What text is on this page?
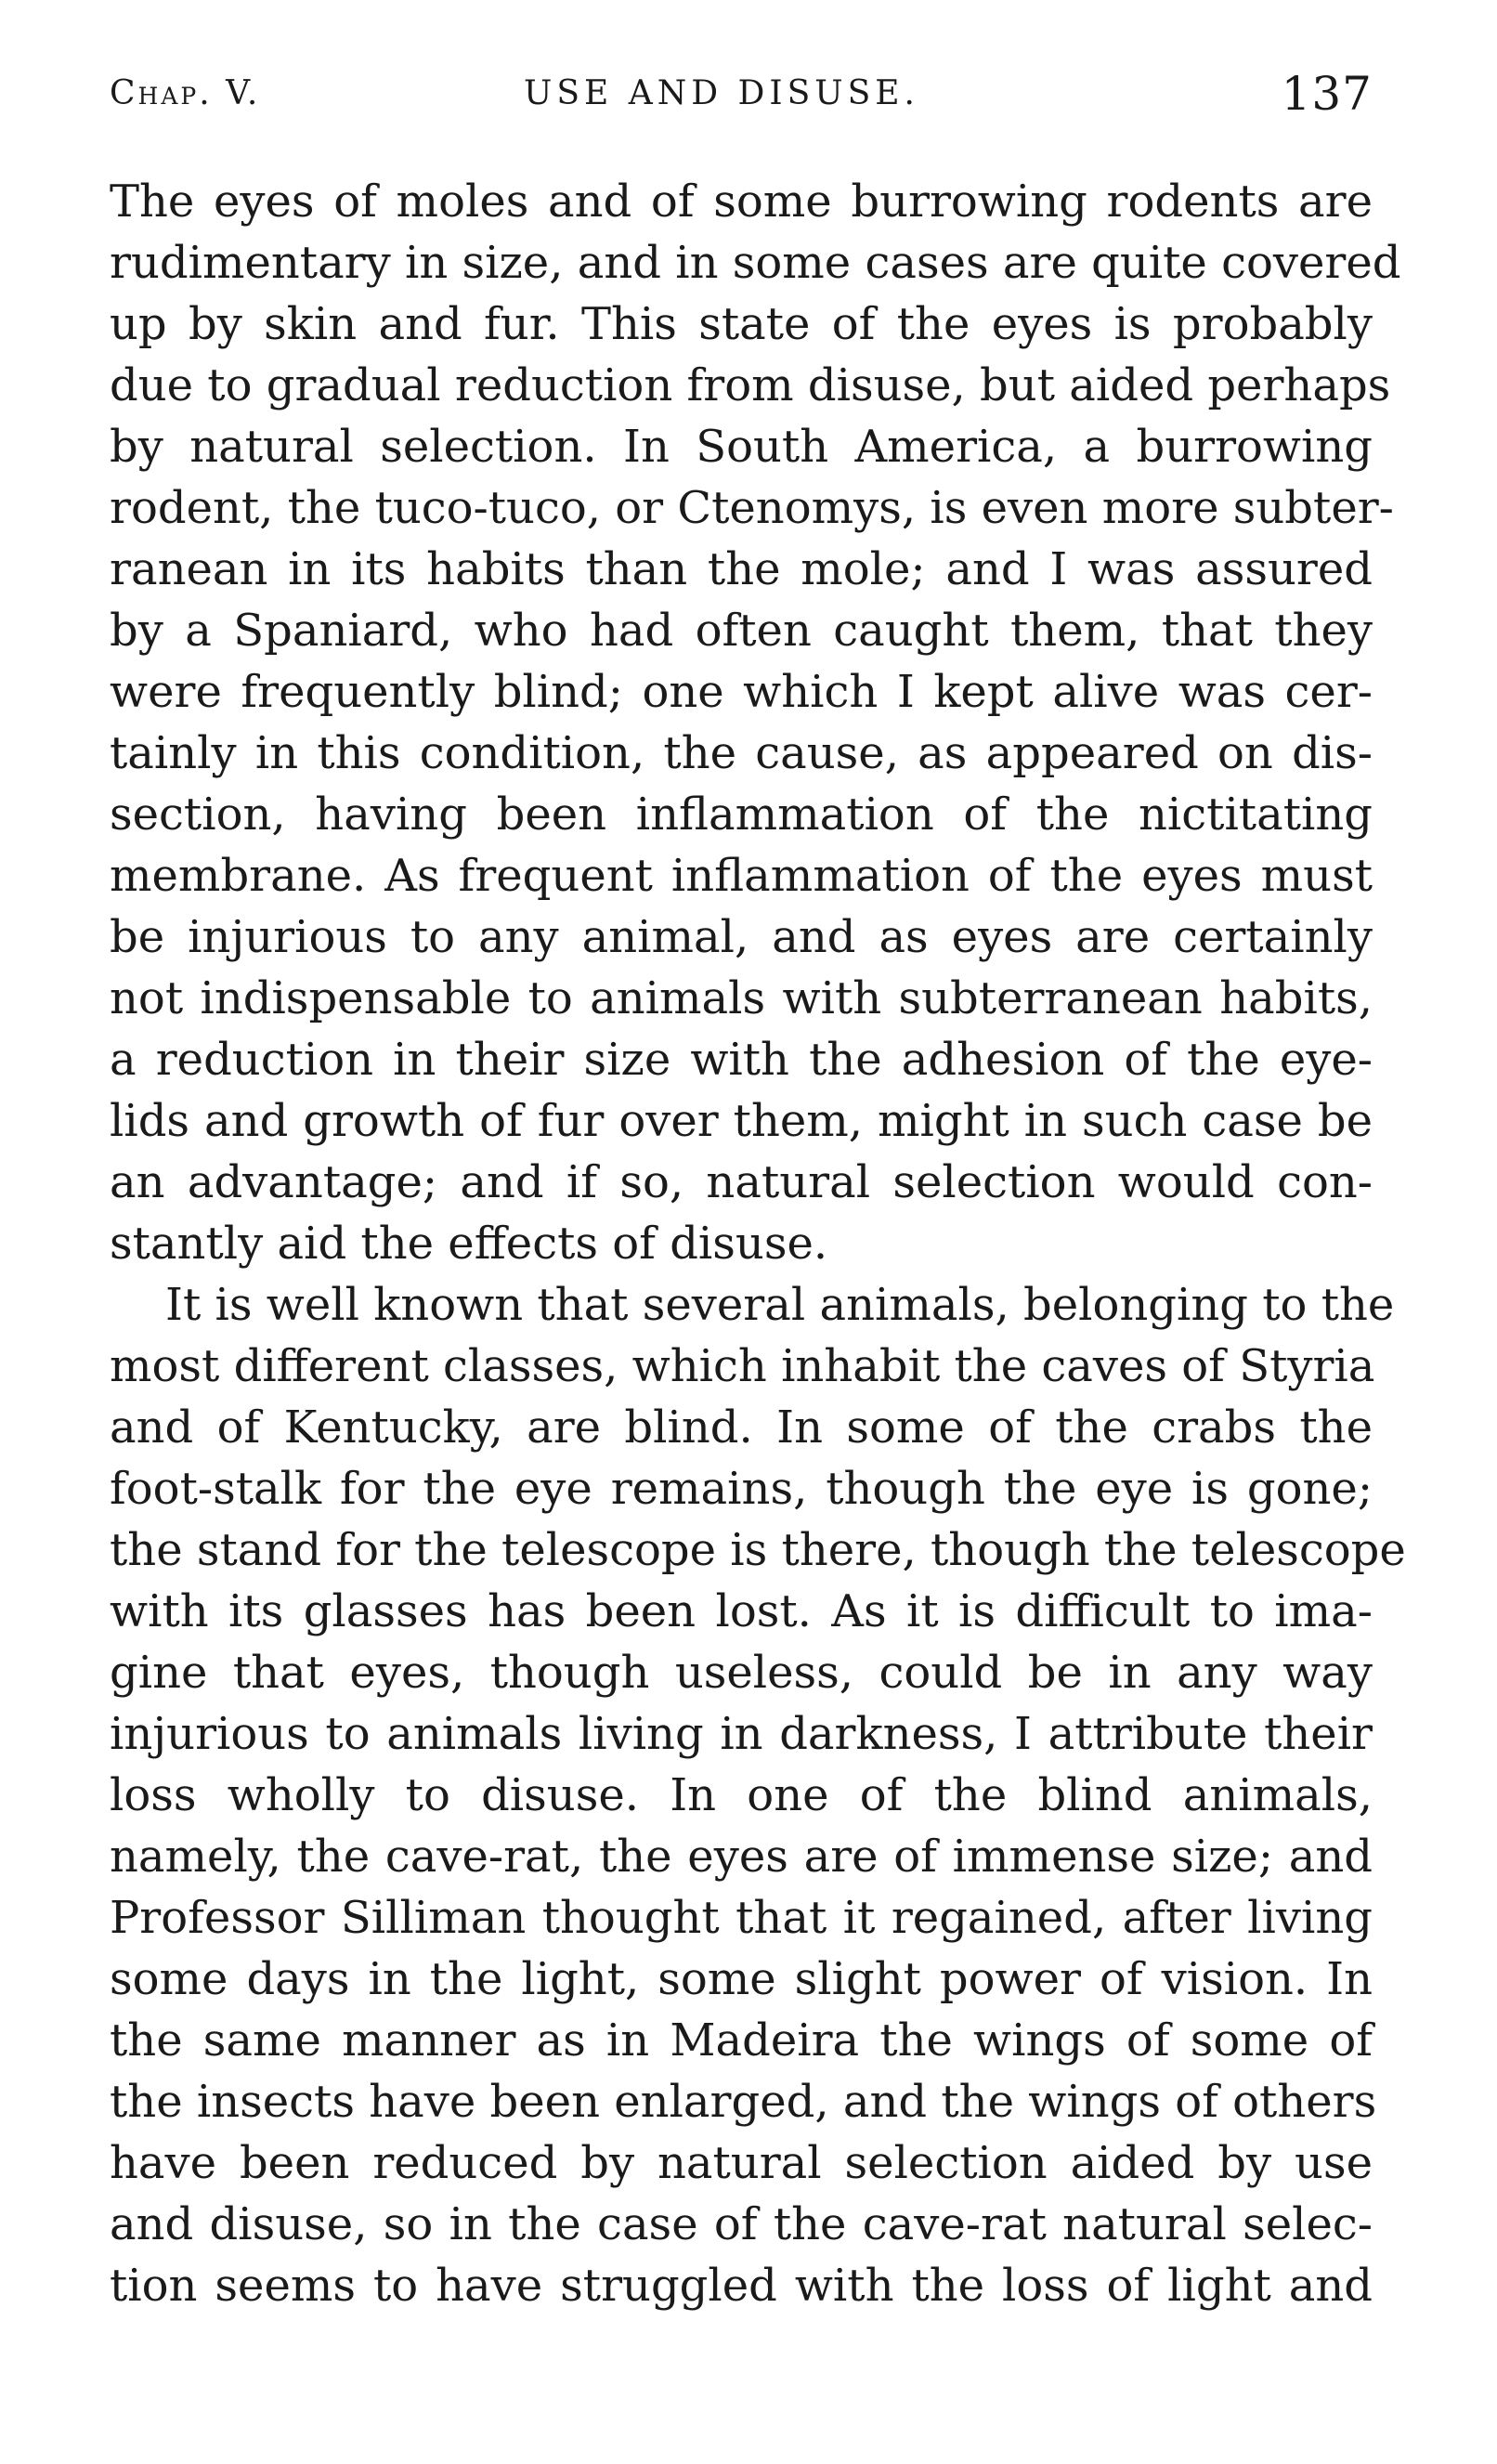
Chap. V.	USE AND DISUSE.	137
The eyes of moles and of some burrowing rodents are
rudimentary in size, and in some cases are quite covered
up by skin and fur. This state of the eyes is probably
due to gradual reduction from disuse, but aided perhaps
by natural selection. In South America, a burrowing
rodent, the tuco-tuco, or Ctenomys, is even more subter-
ranean in its habits than the mole; and I was assured
by a Spaniard, who had often caught them, that they
were frequently blind; one which I kept alive was cer-
tainly in this condition, the cause, as appeared on dis-
section, having been inflammation of the nictitating
membrane. As frequent inflammation of the eyes must
be injurious to any animal, and as eyes are certainly
not indispensable to animals with subterranean habits,
a reduction in their size with the adhesion of the eye-
lids and growth of fur over them, might in such case be
an advantage; and if so, natural selection would con-
stantly aid the effects of disuse.
It is well known that several animals, belonging to the
most different classes, which inhabit the caves of Styria
and of Kentucky, are blind. In some of the crabs the
foot-stalk for the eye remains, though the eye is gone;
the stand for the telescope is there, though the telescope
with its glasses has been lost. As it is difficult to ima-
gine that eyes, though useless, could be in any way
injurious to animals living in darkness, I attribute their
loss wholly to disuse. In one of the blind animals,
namely, the cave-rat, the eyes are of immense size; and
Professor Silliman thought that it regained, after living
some days in the light, some slight power of vision. In
the same manner as in Madeira the wings of some of
the insects have been enlarged, and the wings of others
have been reduced by natural selection aided by use
and disuse, so in the case of the cave-rat natural selec-
tion seems to have struggled with the loss of light and
